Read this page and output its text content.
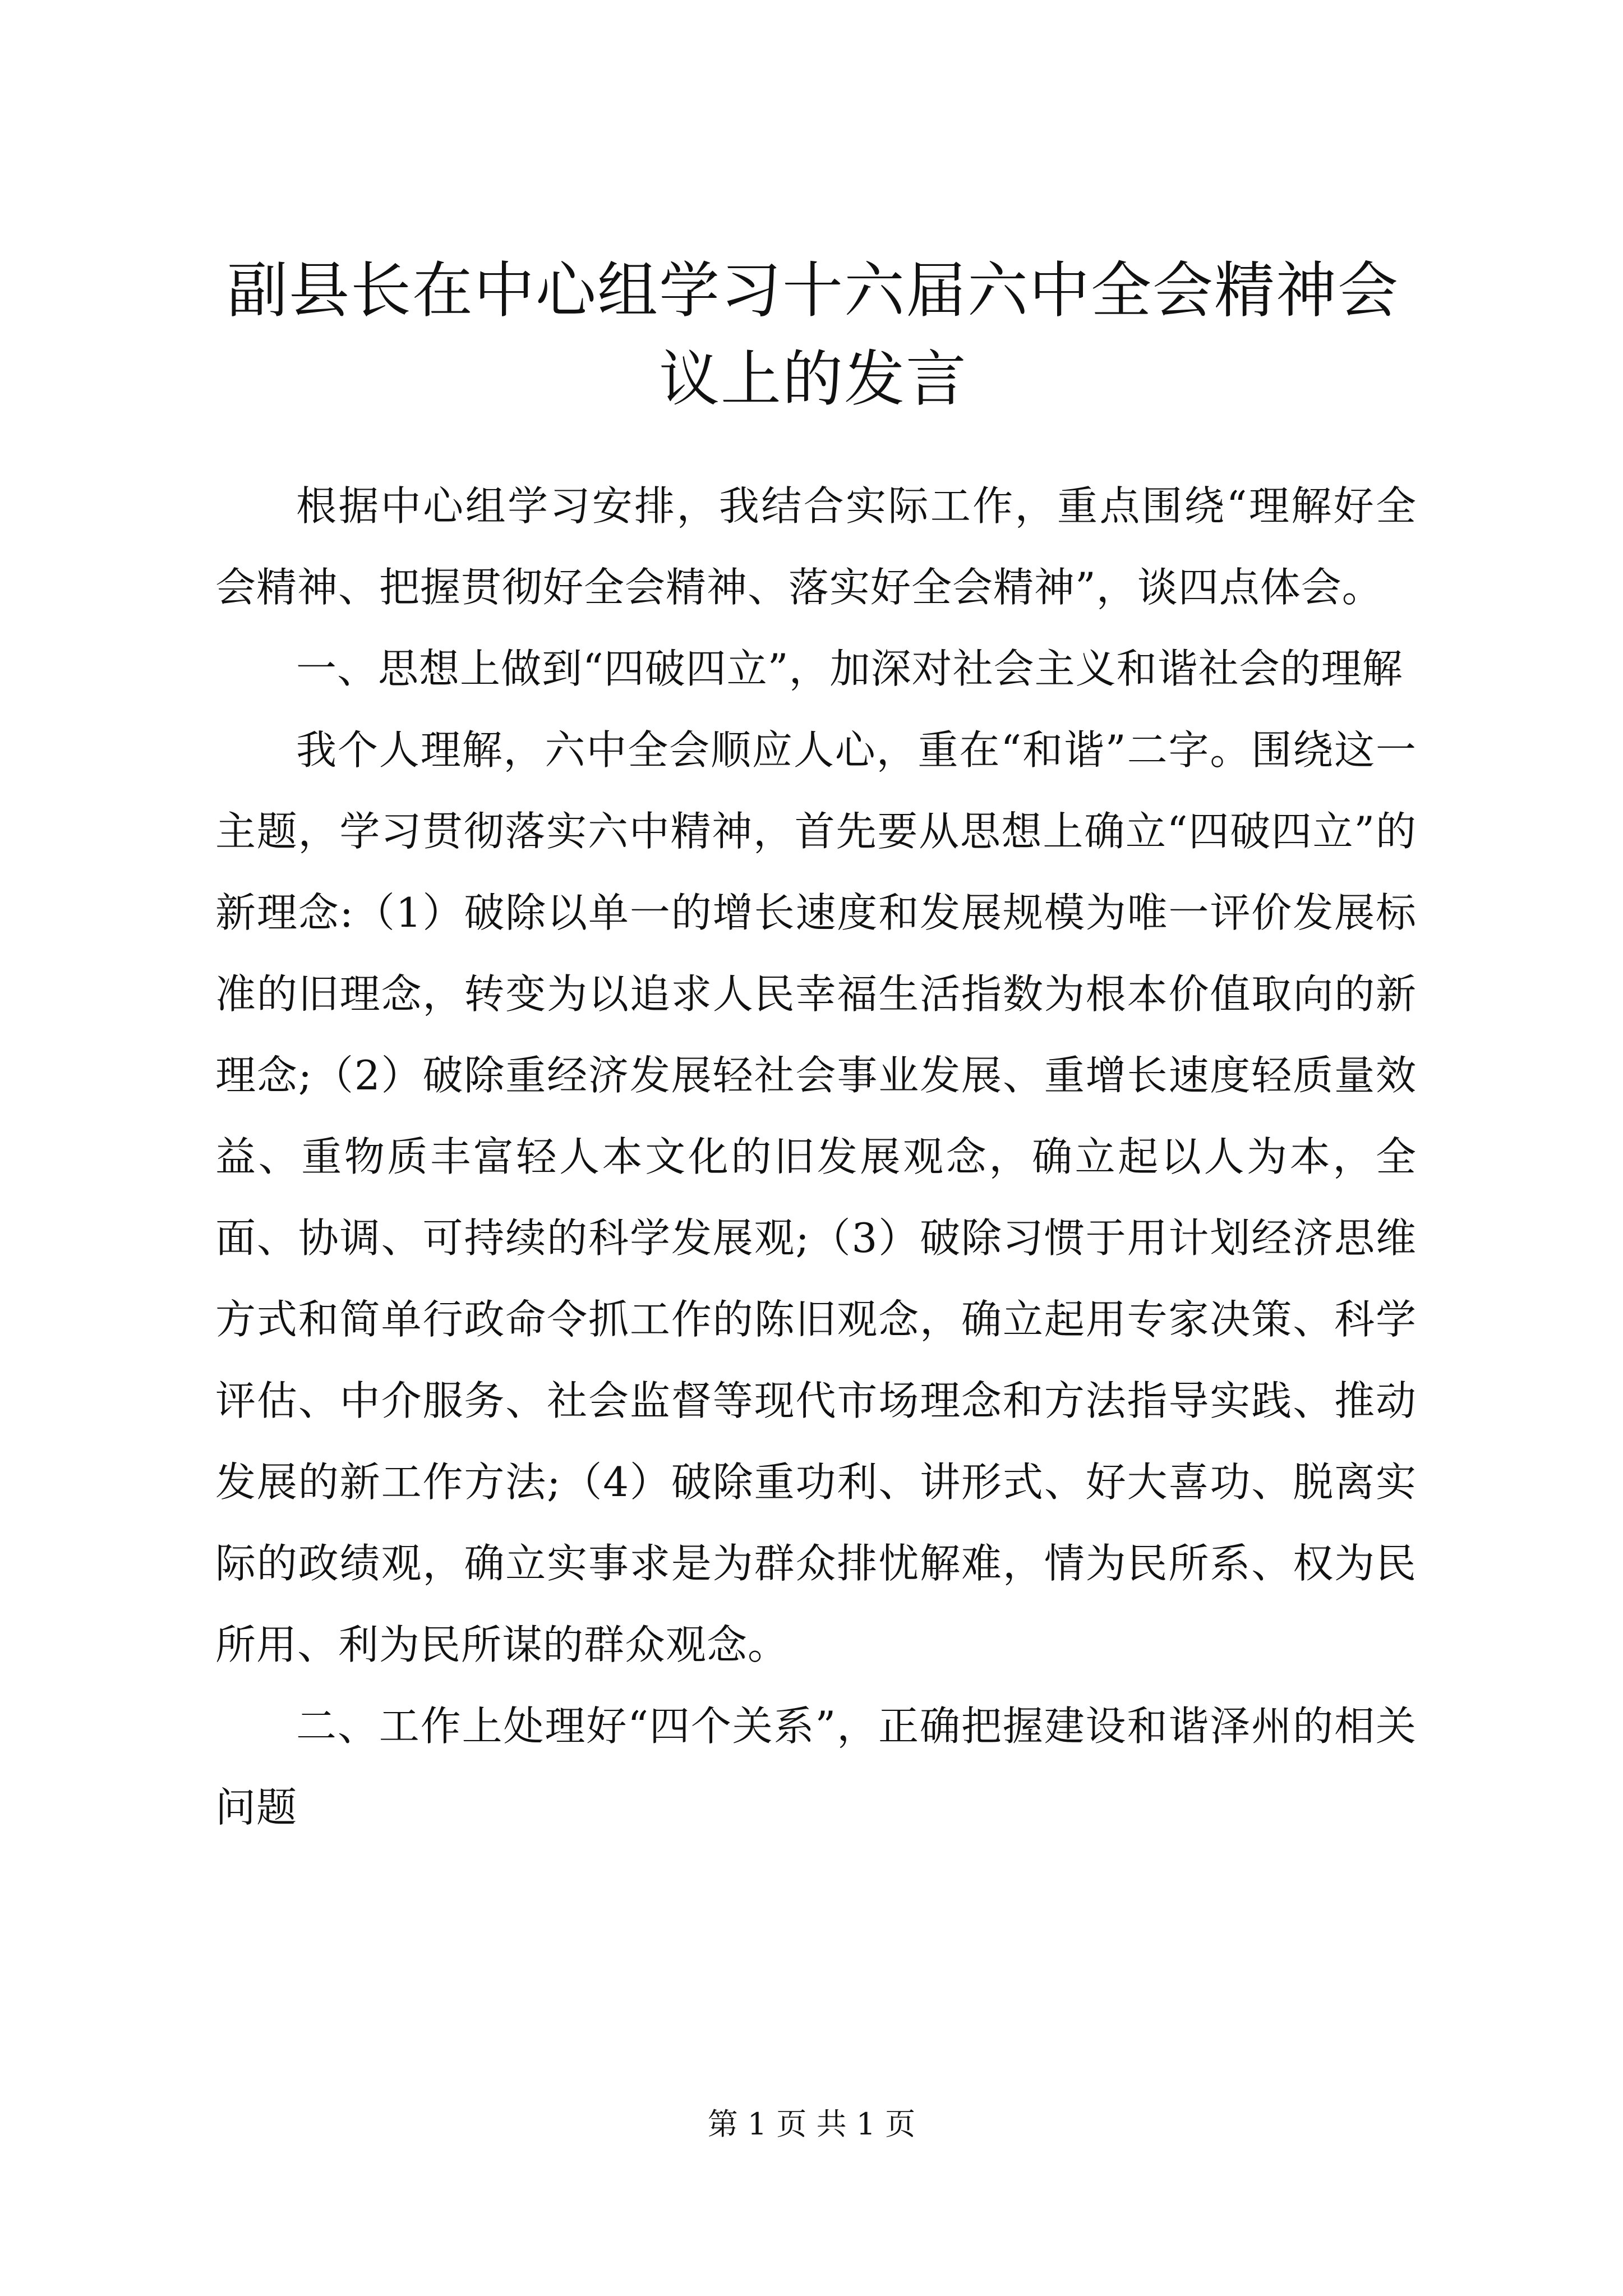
副县长在中心组学习十六届六中全会精神会议上的发言

根据中心组学习安排，我结合实际工作，重点围绕“理解好全会精神、把握贯彻好全会精神、落实好全会精神”，谈四点体会。

一、思想上做到“四破四立”，加深对社会主义和谐社会的理解

我个人理解，六中全会顺应人心，重在“和谐”二字。围绕这一主题，学习贯彻落实六中精神，首先要从思想上确立“四破四立”的新理念:（1）破除以单一的增长速度和发展规模为唯一评价发展标准的旧理念，转变为以追求人民幸福生活指数为根本价值取向的新理念;（2）破除重经济发展轻社会事业发展、重增长速度轻质量效益、重物质丰富轻人本文化的旧发展观念，确立起以人为本，全面、协调、可持续的科学发展观;（3）破除习惯于用计划经济思维方式和简单行政命令抓工作的陈旧观念，确立起用专家决策、科学评估、中介服务、社会监督等现代市场理念和方法指导实践、推动发展的新工作方法;（4）破除重功利、讲形式、好大喜功、脱离实际的政绩观，确立实事求是为群众排忧解难，情为民所系、权为民所用、利为民所谋的群众观念。

二、工作上处理好“四个关系”，正确把握建设和谐泽州的相关问题

第 1 页 共 1 页
